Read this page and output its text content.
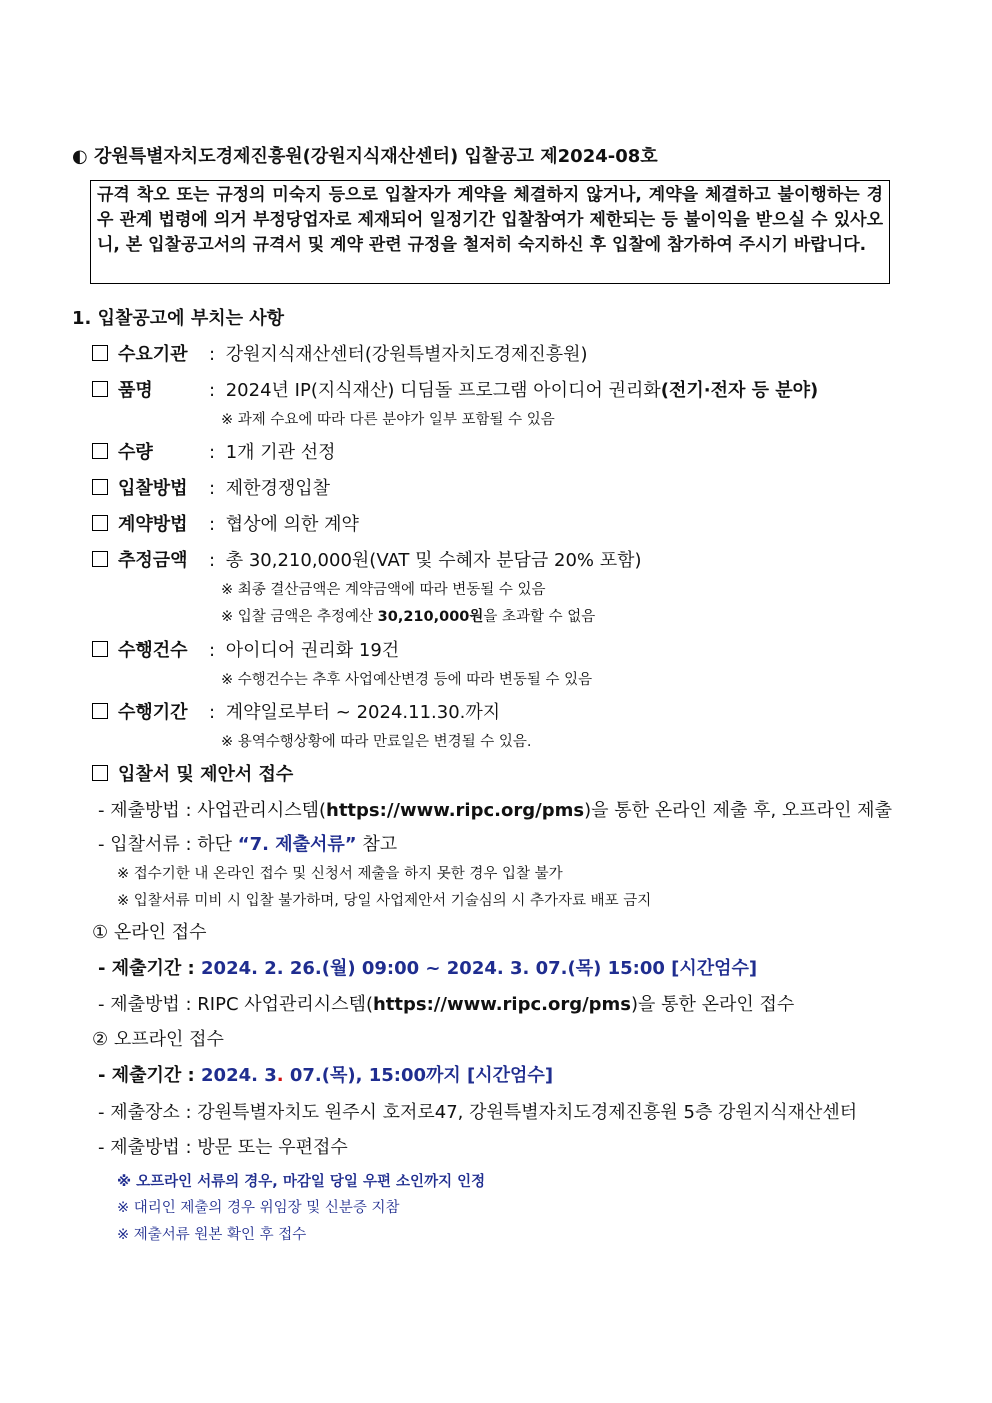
◐ 강원특별자치도경제진흥원(강원지식재산센터) 입찰공고 제2024-08호
규격 착오 또는 규정의 미숙지 등으로 입찰자가 계약을 체결하지 않거나, 계약을 체결하고 불이행하는 경우 관계 법령에 의거 부정당업자로 제재되어 일정기간 입찰참여가 제한되는 등 불이익을 받으실 수 있사오니, 본 입찰공고서의 규격서 및 계약 관련 규정을 철저히 숙지하신 후 입찰에 참가하여 주시기 바랍니다.
1. 입찰공고에 부치는 사항
수요기관 : 강원지식재산센터(강원특별자치도경제진흥원)
품명	: 2024년 IP(지식재산) 디딤돌 프로그램 아이디어 권리화(전기·전자 등 분야)
※ 과제 수요에 따라 다른 분야가 일부 포함될 수 있음
수량	: 1개 기관 선정
입찰방법 : 제한경쟁입찰
계약방법 : 협상에 의한 계약
추정금액 : 총 30,210,000원(VAT 및 수혜자 분담금 20% 포함)
※ 최종 결산금액은 계약금액에 따라 변동될 수 있음
※ 입찰 금액은 추정예산 30,210,000원을 초과할 수 없음
수행건수 : 아이디어 권리화 19건
※ 수행건수는 추후 사업예산변경 등에 따라 변동될 수 있음
수행기간 : 계약일로부터 ~ 2024.11.30.까지
※ 용역수행상황에 따라 만료일은 변경될 수 있음.
입찰서 및 제안서 접수
- 제출방법 : 사업관리시스템(https://www.ripc.org/pms)을 통한 온라인 제출 후, 오프라인 제출
- 입찰서류 : 하단 “7. 제출서류” 참고
※ 접수기한 내 온라인 접수 및 신청서 제출을 하지 못한 경우 입찰 불가
※ 입찰서류 미비 시 입찰 불가하며, 당일 사업제안서 기술심의 시 추가자료 배포 금지
① 온라인 접수
- 제출기간 : 2024. 2. 26.(월) 09:00 ~ 2024. 3. 07.(목) 15:00 [시간엄수]
- 제출방법 : RIPC 사업관리시스템(https://www.ripc.org/pms)을 통한 온라인 접수
② 오프라인 접수
- 제출기간 : 2024. 3. 07.(목), 15:00까지 [시간엄수]
- 제출장소 : 강원특별자치도 원주시 호저로47, 강원특별자치도경제진흥원 5층 강원지식재산센터
- 제출방법 : 방문 또는 우편접수
※ 오프라인 서류의 경우, 마감일 당일 우편 소인까지 인정
※ 대리인 제출의 경우 위임장 및 신분증 지참
※ 제출서류 원본 확인 후 접수
